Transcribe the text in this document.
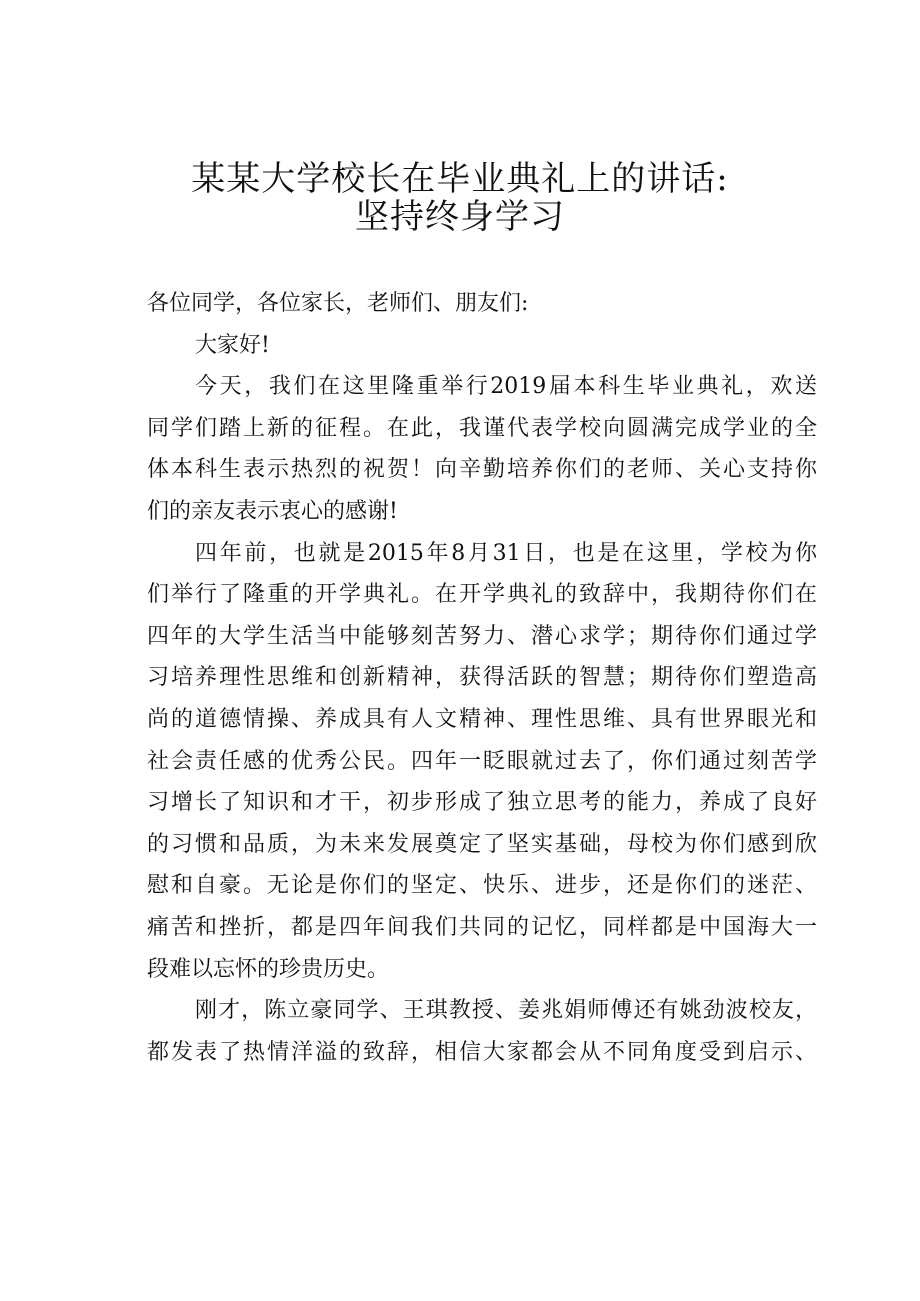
某某大学校长在毕业典礼上的讲话:
坚持终身学习
各位同学，各位家长，老师们、朋友们:
大家好!
今天，我们在这里隆重举行2019届本科生毕业典礼，欢送
同学们踏上新的征程。在此，我谨代表学校向圆满完成学业的全
体本科生表示热烈的祝贺！向辛勤培养你们的老师、关心支持你
们的亲友表示衷心的感谢!
四年前，也就是2015年8月31日，也是在这里，学校为你
们举行了隆重的开学典礼。在开学典礼的致辞中，我期待你们在
四年的大学生活当中能够刻苦努力、潜心求学；期待你们通过学
习培养理性思维和创新精神，获得活跃的智慧；期待你们塑造高
尚的道德情操、养成具有人文精神、理性思维、具有世界眼光和
社会责任感的优秀公民。四年一眨眼就过去了，你们通过刻苦学
习增长了知识和才干，初步形成了独立思考的能力，养成了良好
的习惯和品质，为未来发展奠定了坚实基础，母校为你们感到欣
慰和自豪。无论是你们的坚定、快乐、进步，还是你们的迷茫、
痛苦和挫折，都是四年间我们共同的记忆，同样都是中国海大一
段难以忘怀的珍贵历史。
刚才，陈立豪同学、王琪教授、姜兆娟师傅还有姚劲波校友，
都发表了热情洋溢的致辞，相信大家都会从不同角度受到启示、
